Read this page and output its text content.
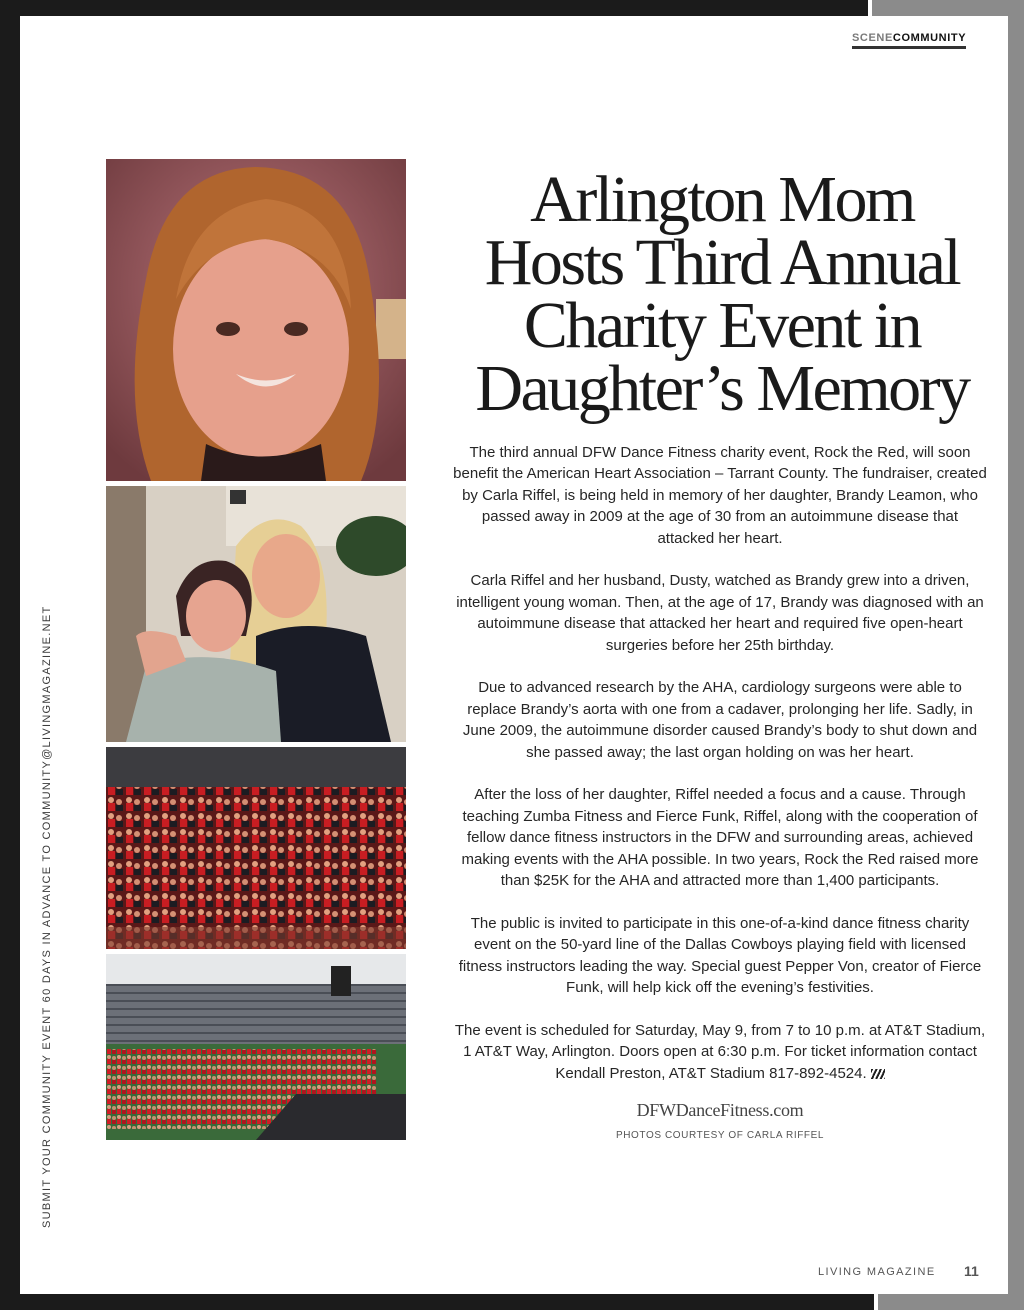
SCENECOMMUNITY
SUBMIT YOUR COMMUNITY EVENT 60 DAYS IN ADVANCE TO COMMUNITY@LIVINGMAGAZINE.NET
Arlington Mom
Hosts Third Annual
Charity Event in
Daughter’s Memory

The third annual DFW Dance Fitness charity event, Rock the Red, will soon benefit the American Heart Association – Tarrant County. The fundraiser, created by Carla Riffel, is being held in memory of her daughter, Brandy Leamon, who passed away in 2009 at the age of 30 from an autoimmune disease that attacked her heart.

Carla Riffel and her husband, Dusty, watched as Brandy grew into a driven, intelligent young woman. Then, at the age of 17, Brandy was diagnosed with an autoimmune disease that attacked her heart and required five open-heart surgeries before her 25th birthday.

Due to advanced research by the AHA, cardiology surgeons were able to replace Brandy’s aorta with one from a cadaver, prolonging her life. Sadly, in June 2009, the autoimmune disorder caused Brandy’s body to shut down and she passed away; the last organ holding on was her heart.

After the loss of her daughter, Riffel needed a focus and a cause. Through teaching Zumba Fitness and Fierce Funk, Riffel, along with the cooperation of fellow dance fitness instructors in the DFW and surrounding areas, achieved making events with the AHA possible. In two years, Rock the Red raised more than $25K for the AHA and attracted more than 1,400 participants.

The public is invited to participate in this one-of-a-kind dance fitness charity event on the 50-yard line of the Dallas Cowboys playing field with licensed fitness instructors leading the way. Special guest Pepper Von, creator of Fierce Funk, will help kick off the evening’s festivities.

The event is scheduled for Saturday, May 9, from 7 to 10 p.m. at AT&T Stadium, 1 AT&T Way, Arlington. Doors open at 6:30 p.m. For ticket information contact Kendall Preston, AT&T Stadium 817-892-4524.

DFWDanceFitness.com
PHOTOS COURTESY OF CARLA RIFFEL
LIVING MAGAZINE 11
